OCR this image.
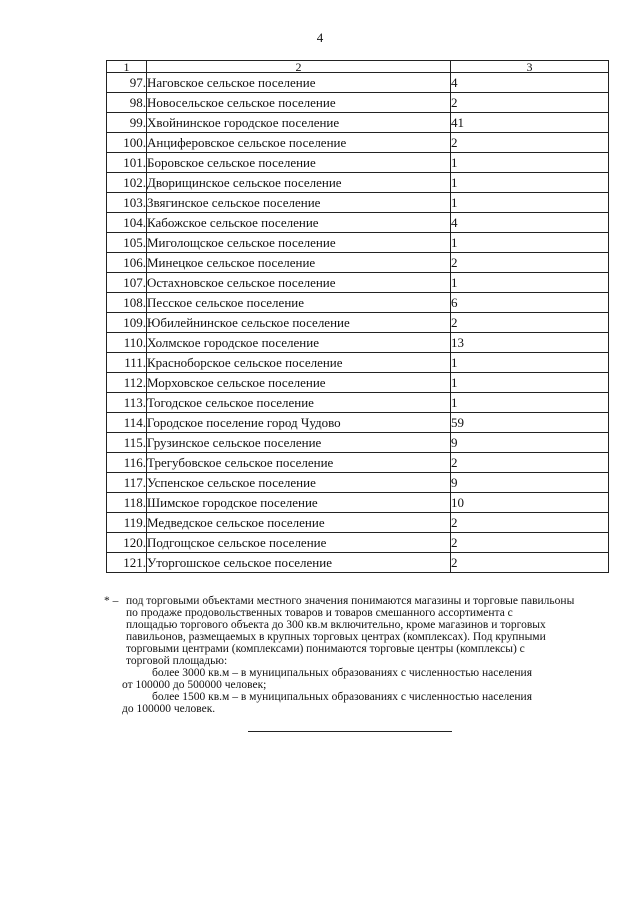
4
1	2	3
97.	Наговское сельское поселение	4
98.	Новосельское сельское поселение	2
99.	Хвойнинское городское поселение	41
100.	Анциферовское сельское поселение	2
101.	Боровское сельское поселение	1
102.	Дворищинское сельское поселение	1
103.	Звягинское сельское поселение	1
104.	Кабожское сельское поселение	4
105.	Миголощское сельское поселение	1
106.	Минецкое сельское поселение	2
107.	Остахновское сельское поселение	1
108.	Песское сельское поселение	6
109.	Юбилейнинское сельское поселение	2
110.	Холмское городское поселение	13
111.	Красноборское сельское поселение	1
112.	Морховское сельское поселение	1
113.	Тогодское сельское поселение	1
114.	Городское поселение город Чудово	59
115.	Грузинское сельское поселение	9
116.	Трегубовское сельское поселение	2
117.	Успенское сельское поселение	9
118.	Шимское городское поселение	10
119.	Медведское сельское поселение	2
120.	Подгощское сельское поселение	2
121.	Уторгошское сельское поселение	2
* – под торговыми объектами местного значения понимаются магазины и торговые павильоны
по продаже продовольственных товаров и товаров смешанного ассортимента с
площадью торгового объекта до 300 кв.м включительно, кроме магазинов и торговых
павильонов, размещаемых в крупных торговых центрах (комплексах). Под крупными
торговыми центрами (комплексами) понимаются торговые центры (комплексы) с
торговой площадью:
более 3000 кв.м – в муниципальных образованиях с численностью населения
от 100000 до 500000 человек;
более 1500 кв.м – в муниципальных образованиях с численностью населения
до 100000 человек.
